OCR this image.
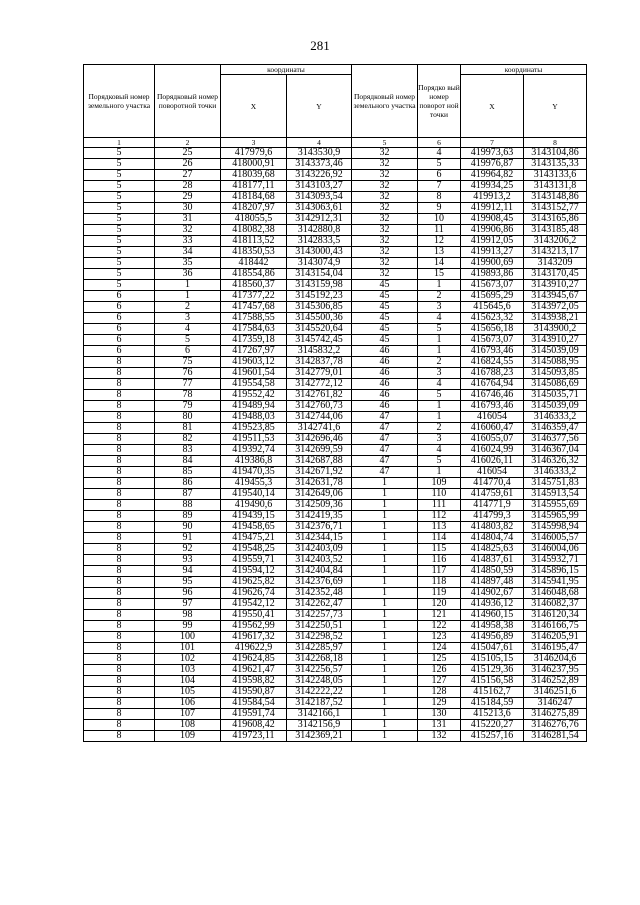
281
Порядковый номер земельного участка	Порядковый номер поворотной точки	координаты		Порядковый номер земельного участка	Порядко вый номер поворот ной точки	координаты	
		X	Y			X	Y
1	2	3	4	5	6	7	8
5	25	417979,6	3143530,9	32	4	419973,63	3143104,86
5	26	418000,91	3143373,46	32	5	419976,87	3143135,33
5	27	418039,68	3143226,92	32	6	419964,82	3143133,6
5	28	418177,11	3143103,27	32	7	419934,25	3143131,8
5	29	418184,68	3143093,54	32	8	419913,2	3143148,86
5	30	418207,97	3143063,61	32	9	419912,11	3143152,77
5	31	418055,5	3142912,31	32	10	419908,45	3143165,86
5	32	418082,38	3142880,8	32	11	419906,86	3143185,48
5	33	418113,52	3142833,5	32	12	419912,05	3143206,2
5	34	418350,53	3143000,43	32	13	419913,27	3143213,17
5	35	418442	3143074,9	32	14	419900,69	3143209
5	36	418554,86	3143154,04	32	15	419893,86	3143170,45
5	1	418560,37	3143159,98	45	1	415673,07	3143910,27
6	1	417377,22	3145192,23	45	2	415695,29	3143945,67
6	2	417457,68	3145306,85	45	3	415645,6	3143972,05
6	3	417588,55	3145500,36	45	4	415623,32	3143938,21
6	4	417584,63	3145520,64	45	5	415656,18	3143900,2
6	5	417359,18	3145742,45	45	1	415673,07	3143910,27
6	6	417267,97	3145832,2	46	1	416793,46	3145039,09
8	75	419603,12	3142837,78	46	2	416824,55	3145088,95
8	76	419601,54	3142779,01	46	3	416788,23	3145093,85
8	77	419554,58	3142772,12	46	4	416764,94	3145086,69
8	78	419552,42	3142761,82	46	5	416746,46	3145035,71
8	79	419489,94	3142760,73	46	1	416793,46	3145039,09
8	80	419488,03	3142744,06	47	1	416054	3146333,2
8	81	419523,85	3142741,6	47	2	416060,47	3146359,47
8	82	419511,53	3142696,46	47	3	416055,07	3146377,56
8	83	419392,74	3142699,59	47	4	416024,99	3146367,04
8	84	419386,8	3142687,88	47	5	416026,11	3146326,32
8	85	419470,35	3142671,92	47	1	416054	3146333,2
8	86	419455,3	3142631,78	1	109	414770,4	3145751,83
8	87	419540,14	3142649,06	1	110	414759,61	3145913,54
8	88	419490,6	3142509,36	1	111	414771,9	3145955,69
8	89	419439,15	3142419,35	1	112	414799,3	3145965,99
8	90	419458,65	3142376,71	1	113	414803,82	3145998,94
8	91	419475,21	3142344,15	1	114	414804,74	3146005,57
8	92	419548,25	3142403,09	1	115	414825,63	3146004,06
8	93	419559,71	3142403,52	1	116	414837,61	3145932,71
8	94	419594,12	3142404,84	1	117	414850,59	3145896,15
8	95	419625,82	3142376,69	1	118	414897,48	3145941,95
8	96	419626,74	3142352,48	1	119	414902,67	3146048,68
8	97	419542,12	3142262,47	1	120	414936,12	3146082,37
8	98	419550,41	3142257,73	1	121	414960,15	3146120,34
8	99	419562,99	3142250,51	1	122	414958,38	3146166,75
8	100	419617,32	3142298,52	1	123	414956,89	3146205,91
8	101	419622,9	3142285,97	1	124	415047,61	3146195,47
8	102	419624,85	3142268,18	1	125	415105,15	3146204,6
8	103	419621,47	3142256,57	1	126	415129,36	3146237,95
8	104	419598,82	3142248,05	1	127	415156,58	3146252,89
8	105	419590,87	3142222,22	1	128	415162,7	3146251,6
8	106	419584,54	3142187,52	1	129	415184,59	3146247
8	107	419591,74	3142166,1	1	130	415213,6	3146275,89
8	108	419608,42	3142156,9	1	131	415220,27	3146276,76
8	109	419723,11	3142369,21	1	132	415257,16	3146281,54
